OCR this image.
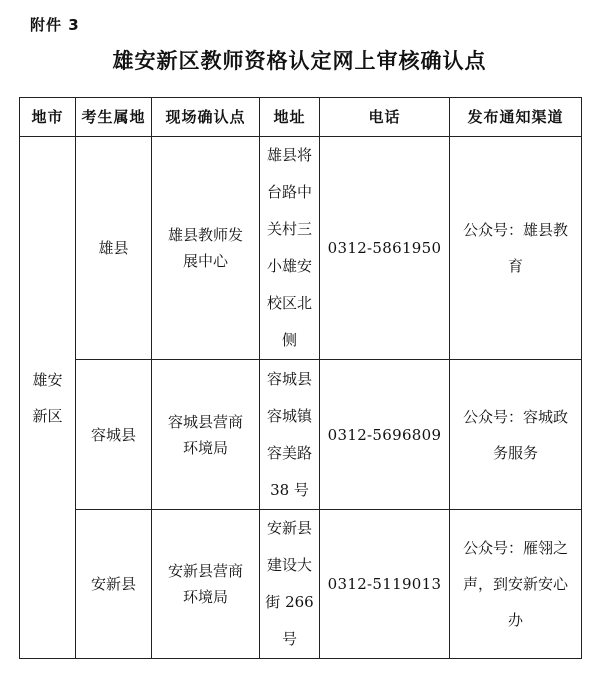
附件 3
雄安新区教师资格认定网上审核确认点
地市	考生属地	现场确认点	地址	电话	发布通知渠道

雄安新区	雄县	雄县教师发展中心	雄县将台路中关村三小雄安校区北侧	0312-5861950	公众号：雄县教育

	容城县	容城县营商环境局	容城县容城镇容美路 38 号	0312-5696809	公众号：容城政务服务

	安新县	安新县营商环境局	安新县建设大街 266 号	0312-5119013	公众号：雁翎之声，到安新安心办
